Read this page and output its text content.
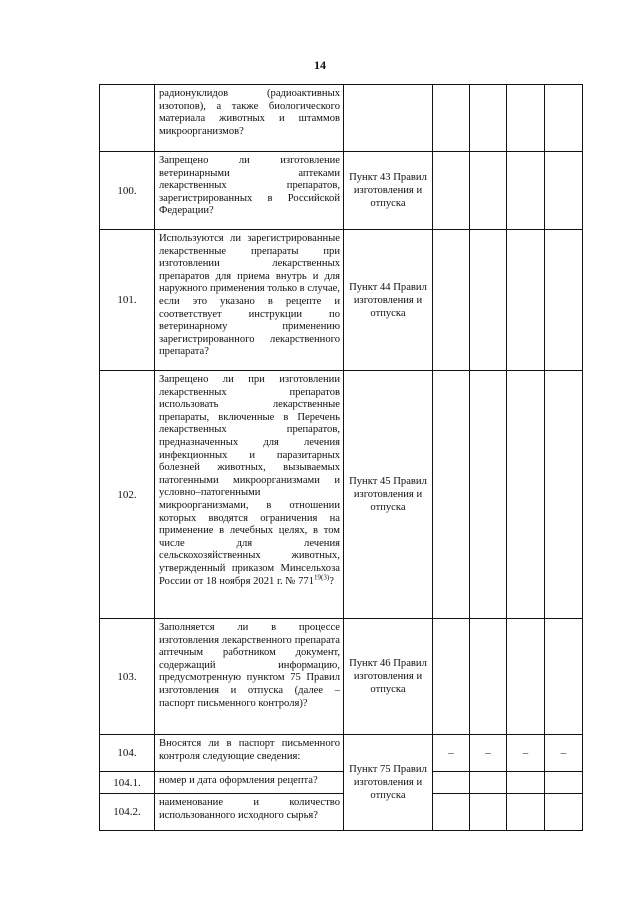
14
	радионуклидов (радиоактивных изотопов), а также биологического материала животных и штаммов микроорганизмов?					
100.	Запрещено ли изготовление ветеринарными аптеками лекарственных препаратов, зарегистрированных в Российской Федерации?	Пункт 43 Правил изготовления и отпуска				
101.	Используются ли зарегистрированные лекарственные препараты при изготовлении лекарственных препаратов для приема внутрь и для наружного применения только в случае, если это указано в рецепте и соответствует инструкции по ветеринарному применению зарегистрированного лекарственного препарата?	Пункт 44 Правил изготовления и отпуска				
102.	Запрещено ли при изготовлении лекарственных препаратов использовать лекарственные препараты, включенные в Перечень лекарственных препаратов, предназначенных для лечения инфекционных и паразитарных болезней животных, вызываемых патогенными микроорганизмами и условно–патогенными микроорганизмами, в отношении которых вводятся ограничения на применение в лечебных целях, в том числе для лечения сельскохозяйственных животных, утвержденный приказом Минсельхоза России от 18 ноября 2021 г. № $771^{19(3)}$?	Пункт 45 Правил изготовления и отпуска				
103.	Заполняется ли в процессе изготовления лекарственного препарата аптечным работником документ, содержащий информацию, предусмотренную пунктом 75 Правил изготовления и отпуска (далее – паспорт письменного контроля)?	Пункт 46 Правил изготовления и отпуска				
104.	Вносятся ли в паспорт письменного контроля следующие сведения:	Пункт 75 Правил изготовления и отпуска	–	–	–	–
104.1.	номер и дата оформления рецепта?					
104.2.	наименование и количество использованного исходного сырья?					
